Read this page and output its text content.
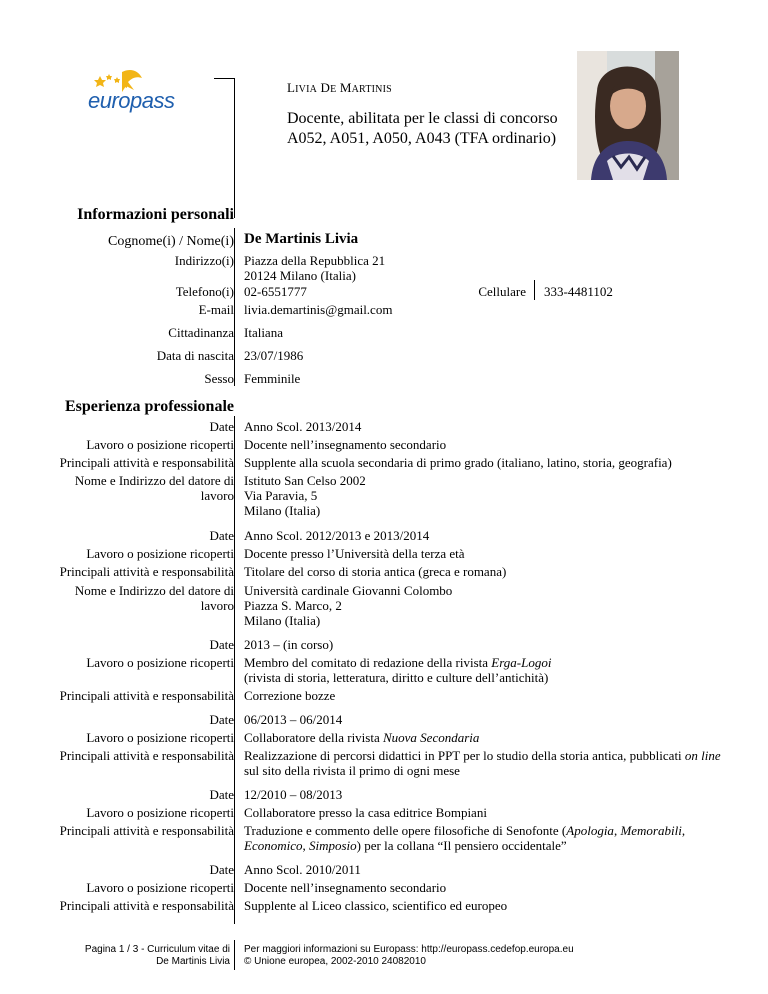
europass
LIVIA DE MARTINIS
Docente, abilitata per le classi di concorso
A052, A051, A050, A043 (TFA ordinario)
Informazioni personali
Cognome(i) / Nome(i) De Martinis Livia
Indirizzo(i) Piazza della Repubblica 21
20124 Milano (Italia)
Telefono(i) 02-6551777	Cellulare 333-4481102
E-mail livia.demartinis@gmail.com
Cittadinanza Italiana
Data di nascita 23/07/1986
Sesso Femminile
Esperienza professionale
Date Anno Scol. 2013/2014
Lavoro o posizione ricoperti Docente nell’insegnamento secondario
Principali attività e responsabilità Supplente alla scuola secondaria di primo grado (italiano, latino, storia, geografia)
Nome e Indirizzo del datore di
lavoro
Istituto San Celso 2002
Via Paravia, 5
Milano (Italia)
Date Anno Scol. 2012/2013 e 2013/2014
Lavoro o posizione ricoperti Docente presso l’Università della terza età
Principali attività e responsabilità Titolare del corso di storia antica (greca e romana)
Nome e Indirizzo del datore di
lavoro
Università cardinale Giovanni Colombo
Piazza S. Marco, 2
Milano (Italia)
Date 2013 – (in corso)
Lavoro o posizione ricoperti Membro del comitato di redazione della rivista Erga-Logoi
(rivista di storia, letteratura, diritto e culture dell’antichità)
Principali attività e responsabilità Correzione bozze
Date 06/2013 – 06/2014
Lavoro o posizione ricoperti Collaboratore della rivista Nuova Secondaria
Principali attività e responsabilità Realizzazione di percorsi didattici in PPT per lo studio della storia antica, pubblicati on line
sul sito della rivista il primo di ogni mese
Date 12/2010 – 08/2013
Lavoro o posizione ricoperti Collaboratore presso la casa editrice Bompiani
Principali attività e responsabilità Traduzione e commento delle opere filosofiche di Senofonte (Apologia, Memorabili,
Economico, Simposio) per la collana “Il pensiero occidentale”
Date Anno Scol. 2010/2011
Lavoro o posizione ricoperti Docente nell’insegnamento secondario
Principali attività e responsabilità Supplente al Liceo classico, scientifico ed europeo
Pagina 1 / 3 - Curriculum vitae di
De Martinis Livia
Per maggiori informazioni su Europass: http://europass.cedefop.europa.eu
© Unione europea, 2002-2010 24082010
